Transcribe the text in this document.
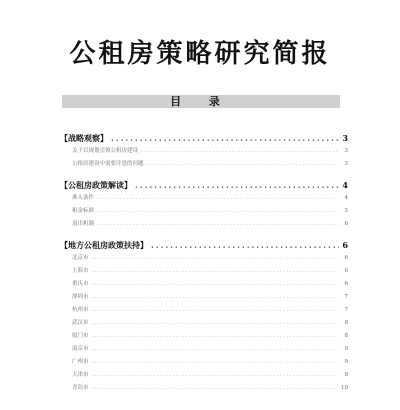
公租房策略研究简报
目 录
【战略观察】 .....	3
关于以规划引领公租房建设 .....	3
公租房建设中需要注意的问题 .....	3
【公租房政策解读】 .....	4
准入条件 .....	4
租金标准 .....	5
退出机制 .....	6
【地方公租房政策扶持】 .....	6
北京市 .....	6
上海市 .....	6
重庆市 .....	6
深圳市 .....	7
杭州市 .....	7
武汉市 .....	8
厦门市 .....	8
南京市 .....	9
广州市 .....	9
天津市 .....	9
青岛市 .....	10
